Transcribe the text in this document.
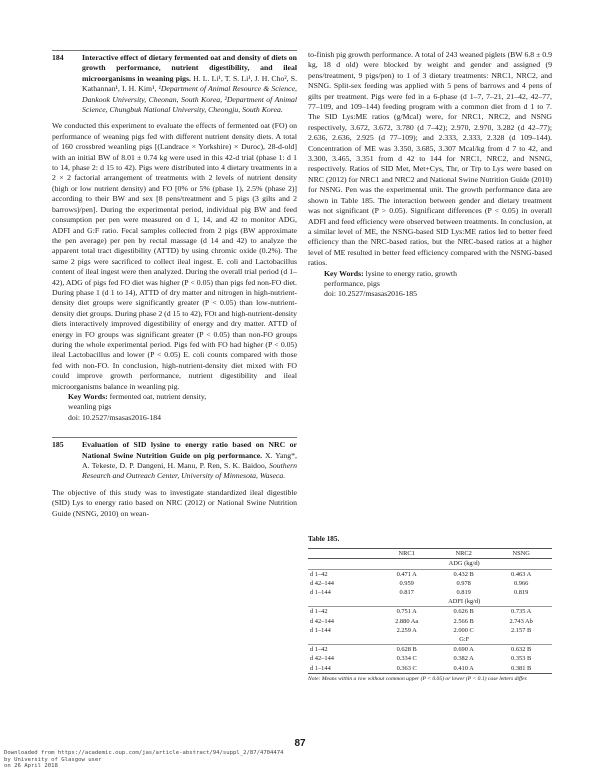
184 Interactive effect of dietary fermented oat and density of diets on growth performance, nutrient digestibility, and ileal microorganisms in weaning pigs. H. L. Li¹, T. S. Li¹, J. H. Cho², S. Kathannan¹, I. H. Kim¹, ¹Department of Animal Resource & Science, Dankook University, Cheonan, South Korea, ²Department of Animal Science, Chungbuk National University, Cheongju, South Korea.

We conducted this experiment to evaluate the effects of fermented oat (FO) on performance of weaning pigs fed with different nutrient density diets. A total of 160 crossbred weanling pigs [(Landrace × Yorkshire) × Duroc), 28-d-old] with an initial BW of 8.01 ± 0.74 kg were used in this 42-d trial (phase 1: d 1 to 14, phase 2: d 15 to 42). Pigs were distributed into 4 dietary treatments in a 2 × 2 factorial arrangement of treatments with 2 levels of nutrient density (high or low nutrient density) and FO [0% or 5% (phase 1), 2.5% (phase 2)] according to their BW and sex [8 pens/treatment and 5 pigs (3 gilts and 2 barrows)/pen]. During the experimental period, individual pig BW and feed consumption per pen were measured on d 1, 14, and 42 to monitor ADG, ADFI and G:F ratio. Fecal samples collected from 2 pigs (BW approximate the pen average) per pen by rectal massage (d 14 and 42) to analyze the apparent total tract digestibility (ATTD) by using chromic oxide (0.2%). The same 2 pigs were sacrificed to collect ileal ingest. E. coli and Lactobacillus content of ileal ingest were then analyzed. During the overall trial period (d 1–42), ADG of pigs fed FO diet was higher (P < 0.05) than pigs fed non-FO diet. During phase 1 (d 1 to 14), ATTD of dry matter and nitrogen in high-nutrient-density diet groups were significantly greater (P < 0.05) than low-nutrient-density diet groups. During phase 2 (d 15 to 42), FOt and high-nutrient-density diets interactively improved digestibility of energy and dry matter. ATTD of energy in FO groups was significant greater (P < 0.05) than non-FO groups during the whole experimental period. Pigs fed with FO had higher (P < 0.05) ileal Lactobacillus and lower (P < 0.05) E. coli counts compared with those fed with non-FO. In conclusion, high-nutrient-density diet mixed with FO could improve growth performance, nutrient digestibility and ileal microorganisms balance in weanling pig.

Key Words: fermented oat, nutrient density,
weanling pigs
doi: 10.2527/msasas2016-184
185 Evaluation of SID lysine to energy ratio based on NRC or National Swine Nutrition Guide on pig performance. X. Yang*, A. Tekeste, D. P. Dangeni, H. Manu, P. Ren, S. K. Baidoo, Southern Research and Outreach Center, University of Minnesota, Waseca.

The objective of this study was to investigate standardized ileal digestible (SID) Lys to energy ratio based on NRC (2012) or National Swine Nutrition Guide (NSNG, 2010) on wean-

to-finish pig growth performance. A total of 243 weaned piglets (BW 6.8 ± 0.9 kg, 18 d old) were blocked by weight and gender and assigned (9 pens/treatment, 9 pigs/pen) to 1 of 3 dietary treatments: NRC1, NRC2, and NSNG. Split-sex feeding was applied with 5 pens of barrows and 4 pens of gilts per treatment. Pigs were fed in a 6-phase (d 1–7, 7–21, 21–42, 42–77, 77–109, and 109–144) feeding program with a common diet from d 1 to 7. The SID Lys:ME ratios (g/Mcal) were, for NRC1, NRC2, and NSNG respectively, 3.672, 3.672, 3.780 (d 7–42); 2.970, 2.970, 3.282 (d 42–77); 2.636, 2.636, 2.925 (d 77–109); and 2.333, 2.333, 2.328 (d 109–144). Concentration of ME was 3.350, 3.685, 3.307 Mcal/kg from d 7 to 42, and 3.300, 3.465, 3.351 from d 42 to 144 for NRC1, NRC2, and NSNG, respectively. Ratios of SID Met, Met+Cys, Thr, or Trp to Lys were based on NRC (2012) for NRC1 and NRC2 and National Swine Nutrition Guide (2010) for NSNG. Pen was the experimental unit. The growth performance data are shown in Table 185. The interaction between gender and dietary treatment was not significant (P > 0.05). Significant differences (P < 0.05) in overall ADFI and feed efficiency were observed between treatments. In conclusion, at a similar level of ME, the NSNG-based SID Lys:ME ratios led to better feed efficiency than the NRC-based ratios, but the NRC-based ratios at a higher level of ME resulted in better feed efficiency compared with the NSNG-based ratios.

Key Words: lysine to energy ratio, growth
performance, pigs
doi: 10.2527/msasas2016-185
Table 185.
	NRC1	NRC2	NSNG
	ADG (kg/d)		
d 1–42	0.471 A	0.432 B	0.463 A
d 42–144	0.959	0.978	0.966
d 1–144	0.817	0.819	0.819
	ADFI (kg/d)		
d 1–42	0.751 A	0.626 B	0.735 A
d 42–144	2.880 Aa	2.566 B	2.743 Ab
d 1–144	2.259 A	2.000 C	2.157 B
	G:F		
d 1–42	0.628 B	0.690 A	0.632 B
d 42–144	0.334 C	0.382 A	0.353 B
d 1–144	0.363 C	0.410 A	0.381 B
Note: Means within a row without common upper (P < 0.05) or lower (P < 0.1) case letters differ.
87
Downloaded from https://academic.oup.com/jas/article-abstract/94/suppl_2/87/4704474
by University of Glasgow user
on 26 April 2018
